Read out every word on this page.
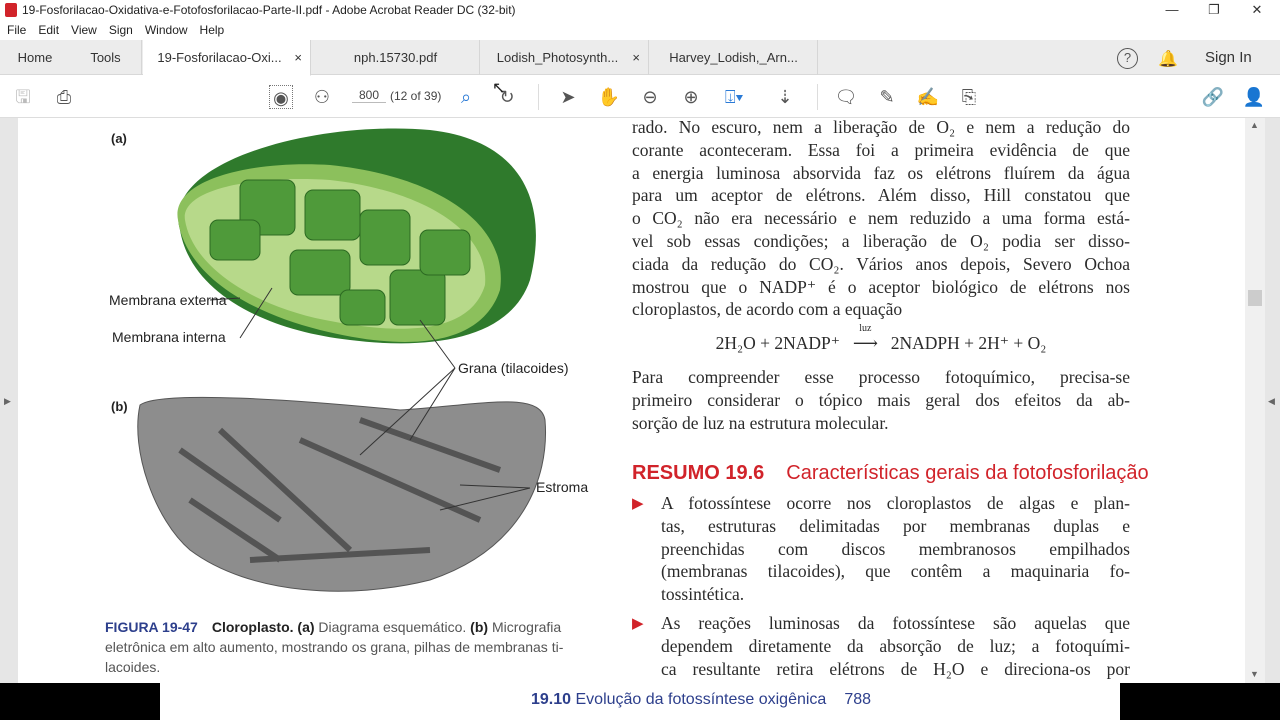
19-Fosforilacao-Oxidativa-e-Fotofosforilacao-Parte-II.pdf - Adobe Acrobat Reader DC (32-bit)	—	❐	✕
File Edit View Sign Window Help
Home	Tools	19-Fosforilacao-Oxi... ×	nph.15730.pdf	Lodish_Photosynth... ×	Harvey_Lodish,_Arn...	?	🔔 Sign In
🖫 ⎙	◉ ⚇	800 (12 of 39)	⌕	↻	➤ ✋ ⊖ ⊕ ⍗▾ ⇣ 🗨 ✎ ✍ ⎘	🔗 👤
▶	◀
▲
▼
(a)
(b)
Membrana externa
Membrana interna
Grana (tilacoides)
Estroma
FIGURA 19-47 Cloroplasto. (a) Diagrama esquemático. (b) Micrografia
eletrônica em alto aumento, mostrando os grana, pilhas de membranas ti-
lacoides.
rado. No escuro, nem a liberação de O₂ e nem a redução do
corante aconteceram. Essa foi a primeira evidência de que
a energia luminosa absorvida faz os elétrons fluírem da água
para um aceptor de elétrons. Além disso, Hill constatou que
o CO₂ não era necessário e nem reduzido a uma forma está-
vel sob essas condições; a liberação de O₂ podia ser disso-
ciada da redução do CO₂. Vários anos depois, Severo Ochoa
mostrou que o NADP⁺ é o aceptor biológico de elétrons nos
cloroplastos, de acordo com a equação
2H₂O + 2NADP⁺
luz
⟶ 2NADPH + 2H⁺ + O₂
Para compreender esse processo fotoquímico, precisa-se
primeiro considerar o tópico mais geral dos efeitos da ab-
sorção de luz na estrutura molecular.
RESUMO 19.6 Características gerais da fotofosforilação
▶ A fotossíntese ocorre nos cloroplastos de algas e plan-
tas, estruturas delimitadas por membranas duplas e
preenchidas com discos membranosos empilhados
(membranas tilacoides), que contêm a maquinaria fo-
tossintética.
▶ As reações luminosas da fotossíntese são aquelas que
dependem diretamente da absorção de luz; a fotoquími-
ca resultante retira elétrons de H₂O e direciona-os por
19.10 Evolução da fotossíntese oxigênica 788
↖
